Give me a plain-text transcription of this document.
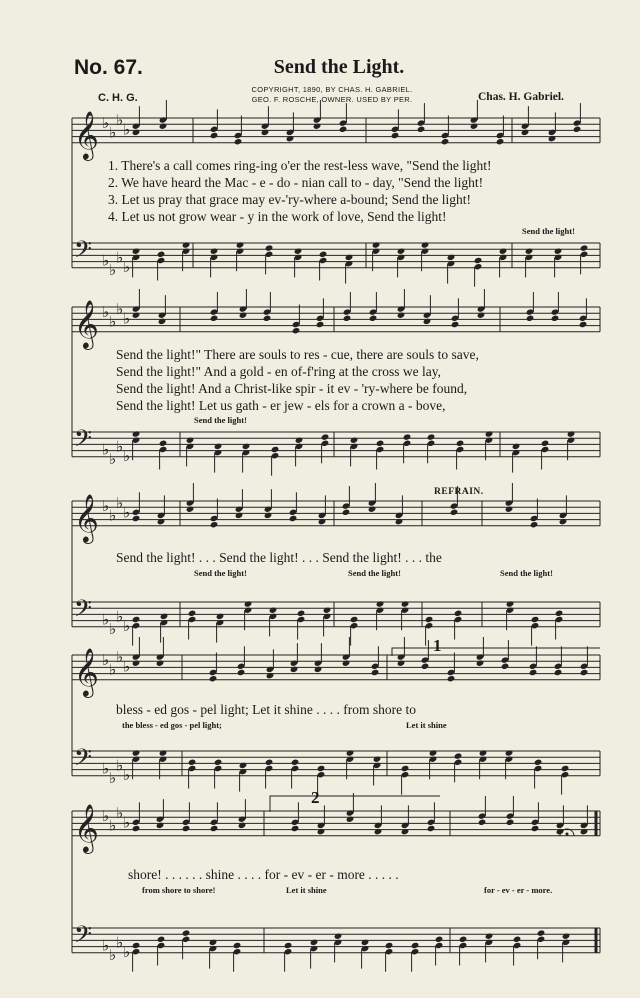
𝄞 ♭
♭
♭
♭
𝄢 ♭
♭
♭
♭
𝄞 ♭
♭
♭
♭
𝄢 ♭
♭
♭
♭
𝄞 ♭
♭
♭
♭
𝄢 ♭
♭
♭
♭
𝄞 ♭
♭
♭
♭
𝄢 ♭
♭
♭
♭
𝄞 ♭
♭
♭
♭
𝄢 ♭
♭
♭
♭
No. 67.	Send the Light.
COPYRIGHT, 1890, BY CHAS. H. GABRIEL.
GEO. F. ROSCHE, OWNER. USED BY PER.
C. H. G.	Chas. H. Gabriel.
1. There's a call comes ring-ing o'er the rest-less wave, "Send the light!
2. We have heard the Mac - e - do - nian call to - day, "Send the light!
3. Let us pray that grace may ev-'ry-where a-bound; Send the light!
4. Let us not grow wear - y in the work of love, Send the light!
Send the light!
Send the light!" There are souls to res - cue, there are souls to save,
Send the light!" And a gold - en of-f'ring at the cross we lay,
Send the light! And a Christ-like spir - it ev - 'ry-where be found,
Send the light! Let us gath - er jew - els for a crown a - bove,
Send the light!
REFRAIN.
Send the light! . . . Send the light! . . . Send the light! . . . the
Send the light!	Send the light!	Send the light!
1
bless - ed gos - pel light; Let it shine . . . . from shore to
the bless - ed gos - pel light;	Let it shine
2
shore! . . . . . . shine . . . . for - ev - er - more . . . . .
from shore to shore!	Let it shine	for - ev - er - more.
